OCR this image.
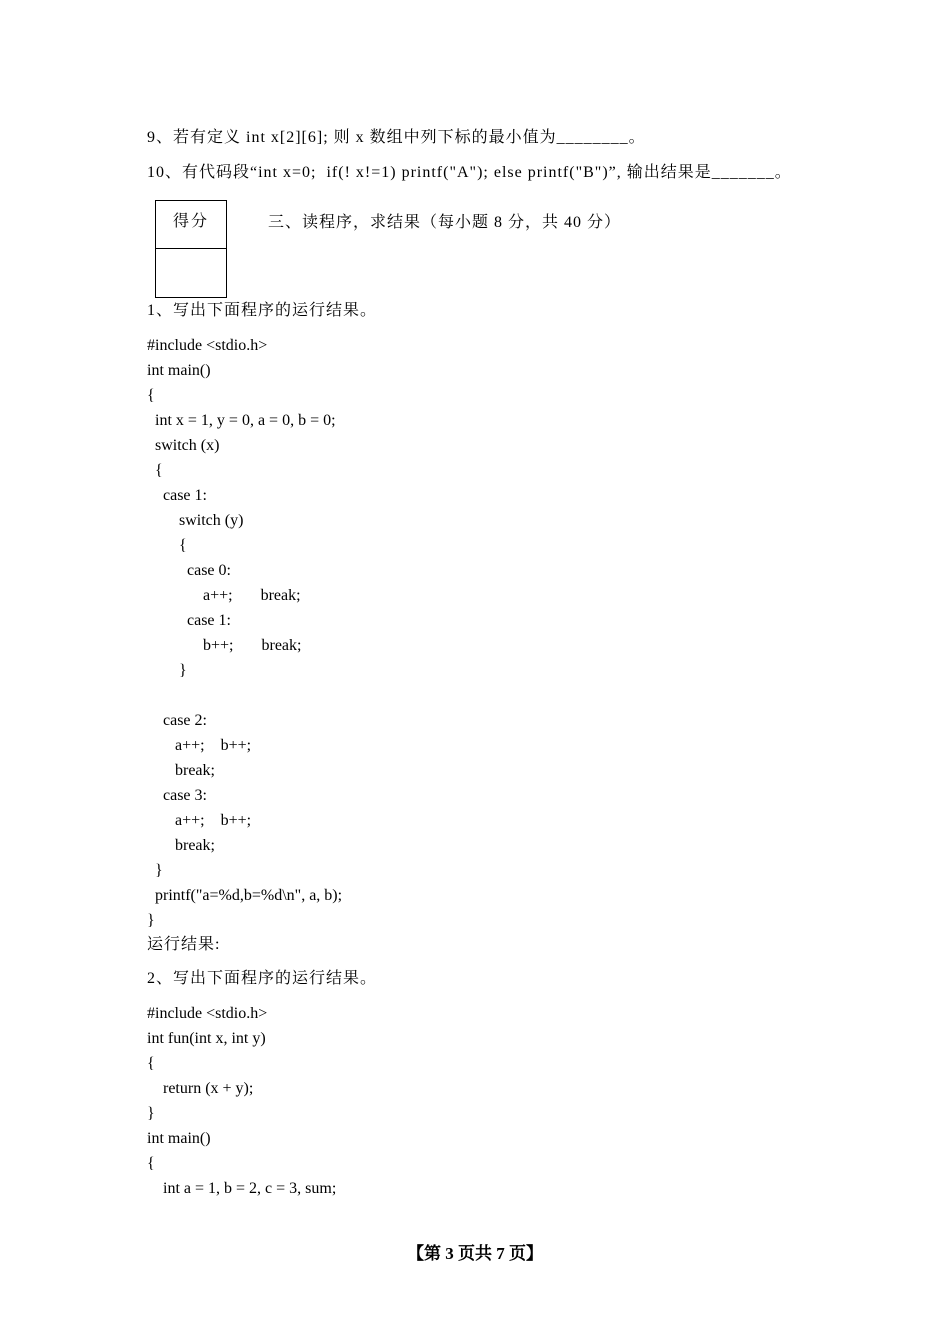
9、若有定义 int x[2][6]; 则 x 数组中列下标的最小值为________。
10、有代码段“int x=0;  if(! x!=1) printf("A"); else printf("B")”, 输出结果是_______。
得分	三、读程序，求结果（每小题 8 分，共 40 分）
1、写出下面程序的运行结果。
#include <stdio.h>
int main()
{
int x = 1, y = 0, a = 0, b = 0;
switch (x)
{
case 1:
switch (y)
{
case 0:
a++;       break;
case 1:
b++;       break;
}
case 2:
a++;    b++;
break;
case 3:
a++;    b++;
break;
}
printf("a=%d,b=%d\n", a, b);
}
运行结果:
2、写出下面程序的运行结果。
#include <stdio.h>
int fun(int x, int y)
{
return (x + y);
}
int main()
{
int a = 1, b = 2, c = 3, sum;
【第 3 页共 7 页】
